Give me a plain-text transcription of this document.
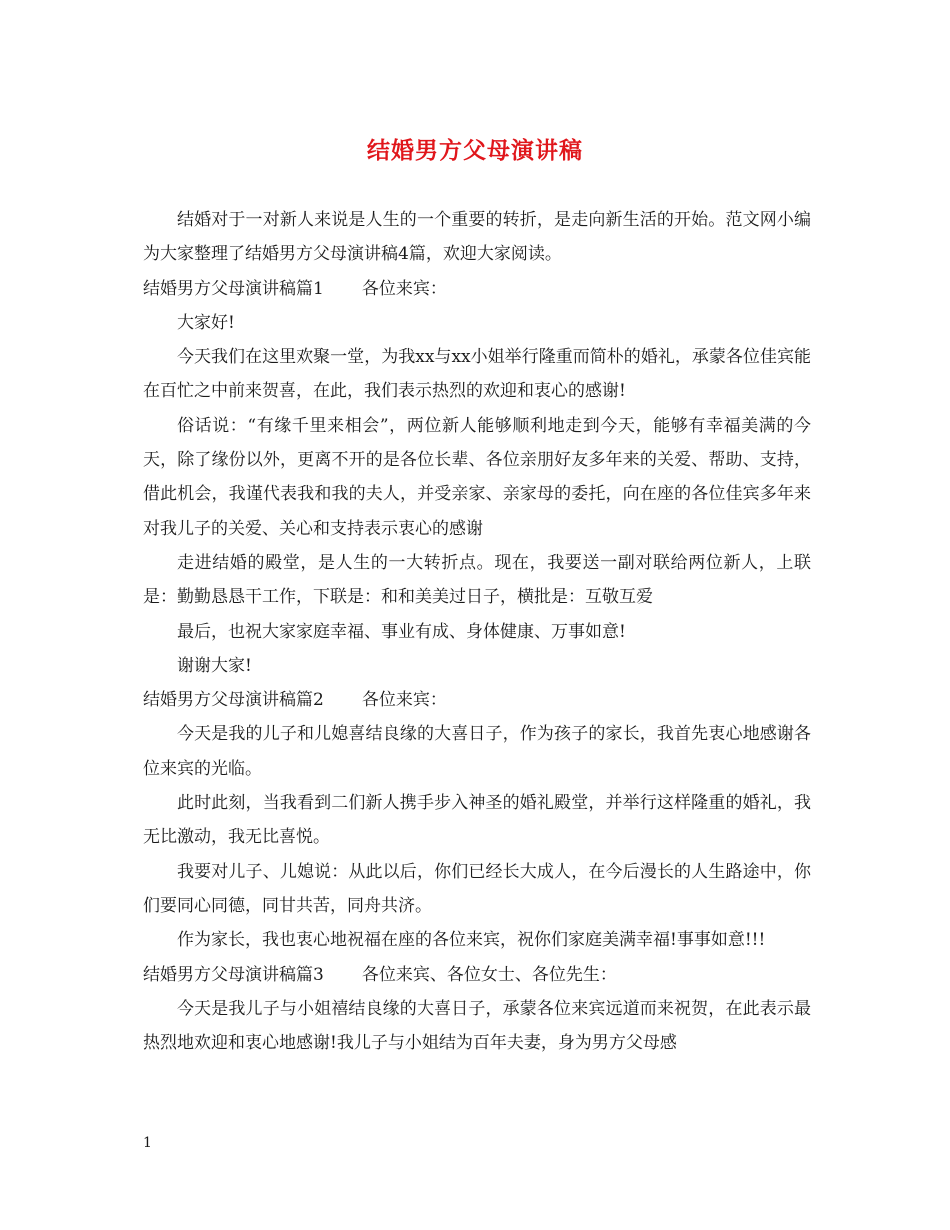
结婚男方父母演讲稿

结婚对于一对新人来说是人生的一个重要的转折，是走向新生活的开始。范文网小编为大家整理了结婚男方父母演讲稿4篇，欢迎大家阅读。

结婚男方父母演讲稿篇1 各位来宾：

大家好!

今天我们在这里欢聚一堂，为我xx与xx小姐举行隆重而简朴的婚礼，承蒙各位佳宾能在百忙之中前来贺喜，在此，我们表示热烈的欢迎和衷心的感谢!

俗话说：“有缘千里来相会”，两位新人能够顺利地走到今天，能够有幸福美满的今天，除了缘份以外，更离不开的是各位长辈、各位亲朋好友多年来的关爱、帮助、支持，借此机会，我谨代表我和我的夫人，并受亲家、亲家母的委托，向在座的各位佳宾多年来对我儿子的关爱、关心和支持表示衷心的感谢

走进结婚的殿堂，是人生的一大转折点。现在，我要送一副对联给两位新人，上联是：勤勤恳恳干工作，下联是：和和美美过日子，横批是：互敬互爱

最后，也祝大家家庭幸福、事业有成、身体健康、万事如意!

谢谢大家!

结婚男方父母演讲稿篇2 各位来宾：

今天是我的儿子和儿媳喜结良缘的大喜日子，作为孩子的家长，我首先衷心地感谢各位来宾的光临。

此时此刻，当我看到二们新人携手步入神圣的婚礼殿堂，并举行这样隆重的婚礼，我无比激动，我无比喜悦。

我要对儿子、儿媳说：从此以后，你们已经长大成人，在今后漫长的人生路途中，你们要同心同德，同甘共苦，同舟共济。

作为家长，我也衷心地祝福在座的各位来宾，祝你们家庭美满幸福!事事如意!!!

结婚男方父母演讲稿篇3 各位来宾、各位女士、各位先生：

今天是我儿子与小姐禧结良缘的大喜日子，承蒙各位来宾远道而来祝贺，在此表示最热烈地欢迎和衷心地感谢!我儿子与小姐结为百年夫妻，身为男方父母感

1
